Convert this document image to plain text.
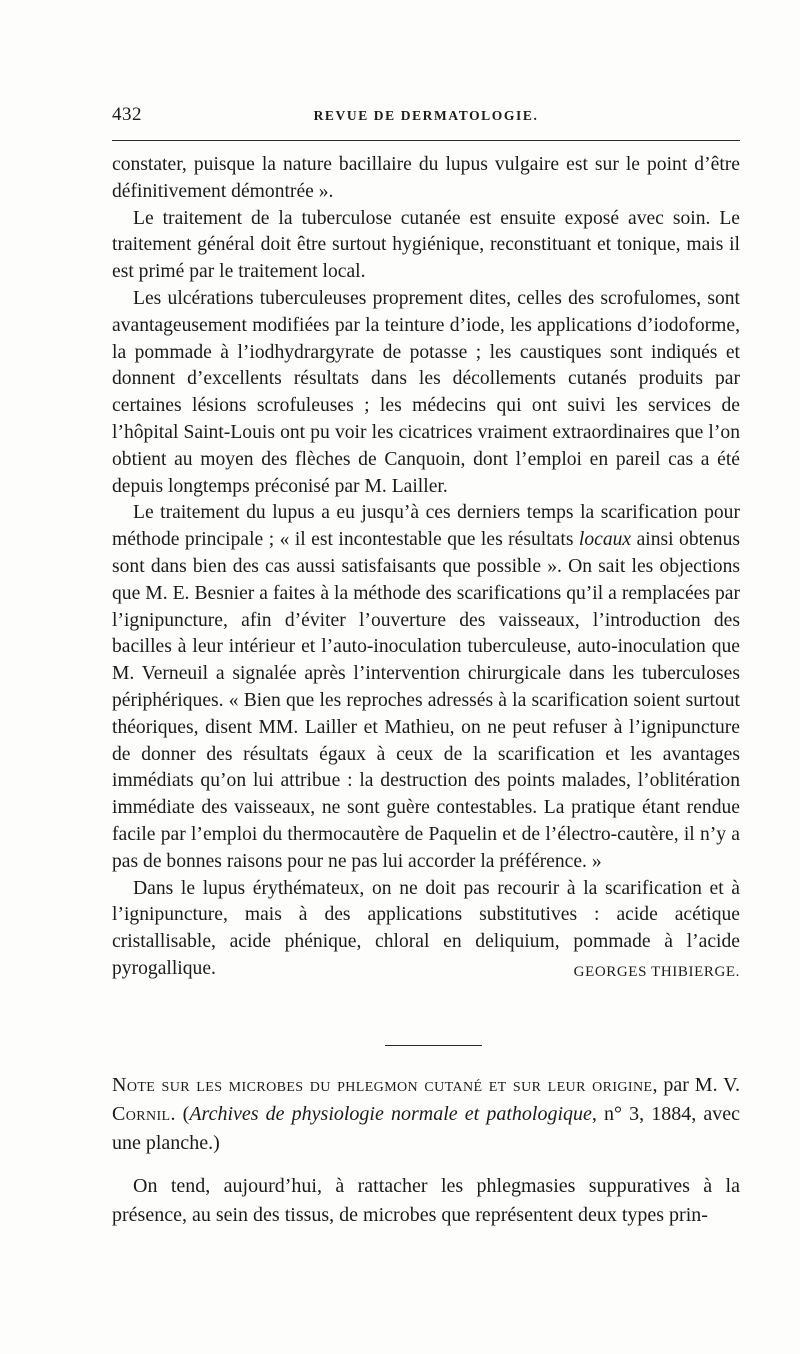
432	REVUE DE DERMATOLOGIE.

constater, puisque la nature bacillaire du lupus vulgaire est sur le point d’être définitivement démontrée ».

Le traitement de la tuberculose cutanée est ensuite exposé avec soin. Le traitement général doit être surtout hygiénique, reconstituant et tonique, mais il est primé par le traitement local.

Les ulcérations tuberculeuses proprement dites, celles des scrofulomes, sont avantageusement modifiées par la teinture d’iode, les applications d’iodoforme, la pommade à l’iodhydrargyrate de potasse ; les caustiques sont indiqués et donnent d’excellents résultats dans les décollements cutanés produits par certaines lésions scrofuleuses ; les médecins qui ont suivi les services de l’hôpital Saint-Louis ont pu voir les cicatrices vraiment extraordinaires que l’on obtient au moyen des flèches de Canquoin, dont l’emploi en pareil cas a été depuis longtemps préconisé par M. Lailler.

Le traitement du lupus a eu jusqu’à ces derniers temps la scarification pour méthode principale ; « il est incontestable que les résultats locaux ainsi obtenus sont dans bien des cas aussi satisfaisants que possible ». On sait les objections que M. E. Besnier a faites à la méthode des scarifications qu’il a remplacées par l’ignipuncture, afin d’éviter l’ouverture des vaisseaux, l’introduction des bacilles à leur intérieur et l’auto-inoculation tuberculeuse, auto-inoculation que M. Verneuil a signalée après l’intervention chirurgicale dans les tuberculoses périphériques. « Bien que les reproches adressés à la scarification soient surtout théoriques, disent MM. Lailler et Mathieu, on ne peut refuser à l’ignipuncture de donner des résultats égaux à ceux de la scarification et les avantages immédiats qu’on lui attribue : la destruction des points malades, l’oblitération immédiate des vaisseaux, ne sont guère contestables. La pratique étant rendue facile par l’emploi du thermocautère de Paquelin et de l’électro-cautère, il n’y a pas de bonnes raisons pour ne pas lui accorder la préférence. »

Dans le lupus érythémateux, on ne doit pas recourir à la scarification et à l’ignipuncture, mais à des applications substitutives : acide acétique cristallisable, acide phénique, chloral en deliquium, pommade à l’acide pyrogallique.	GEORGES THIBIERGE.

Note sur les microbes du phlegmon cutané et sur leur origine, par M. V. Cornil. (Archives de physiologie normale et pathologique, n° 3, 1884, avec une planche.)

On tend, aujourd’hui, à rattacher les phlegmasies suppuratives à la présence, au sein des tissus, de microbes que représentent deux types prin-
